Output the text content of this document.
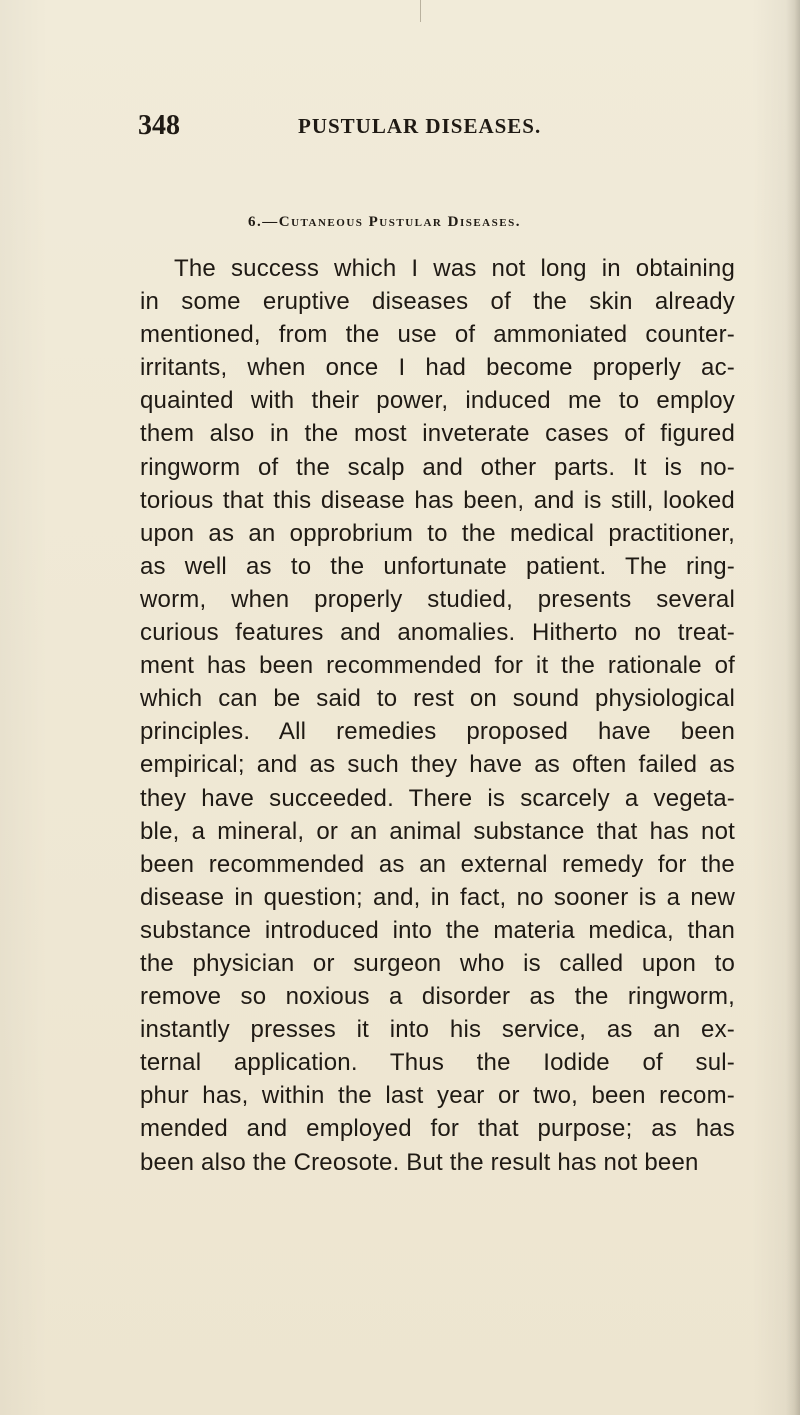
348	PUSTULAR DISEASES.
6.—Cutaneous Pustular Diseases.
The success which I was not long in obtaining
in some eruptive diseases of the skin already
mentioned, from the use of ammoniated counter-
irritants, when once I had become properly ac-
quainted with their power, induced me to employ
them also in the most inveterate cases of figured
ringworm of the scalp and other parts. It is no-
torious that this disease has been, and is still, looked
upon as an opprobrium to the medical practitioner,
as well as to the unfortunate patient. The ring-
worm, when properly studied, presents several
curious features and anomalies. Hitherto no treat-
ment has been recommended for it the rationale of
which can be said to rest on sound physiological
principles. All remedies proposed have been
empirical; and as such they have as often failed as
they have succeeded. There is scarcely a vegeta-
ble, a mineral, or an animal substance that has not
been recommended as an external remedy for the
disease in question; and, in fact, no sooner is a new
substance introduced into the materia medica, than
the physician or surgeon who is called upon to
remove so noxious a disorder as the ringworm,
instantly presses it into his service, as an ex-
ternal application. Thus the Iodide of sul-
phur has, within the last year or two, been recom-
mended and employed for that purpose; as has
been also the Creosote. But the result has not been
